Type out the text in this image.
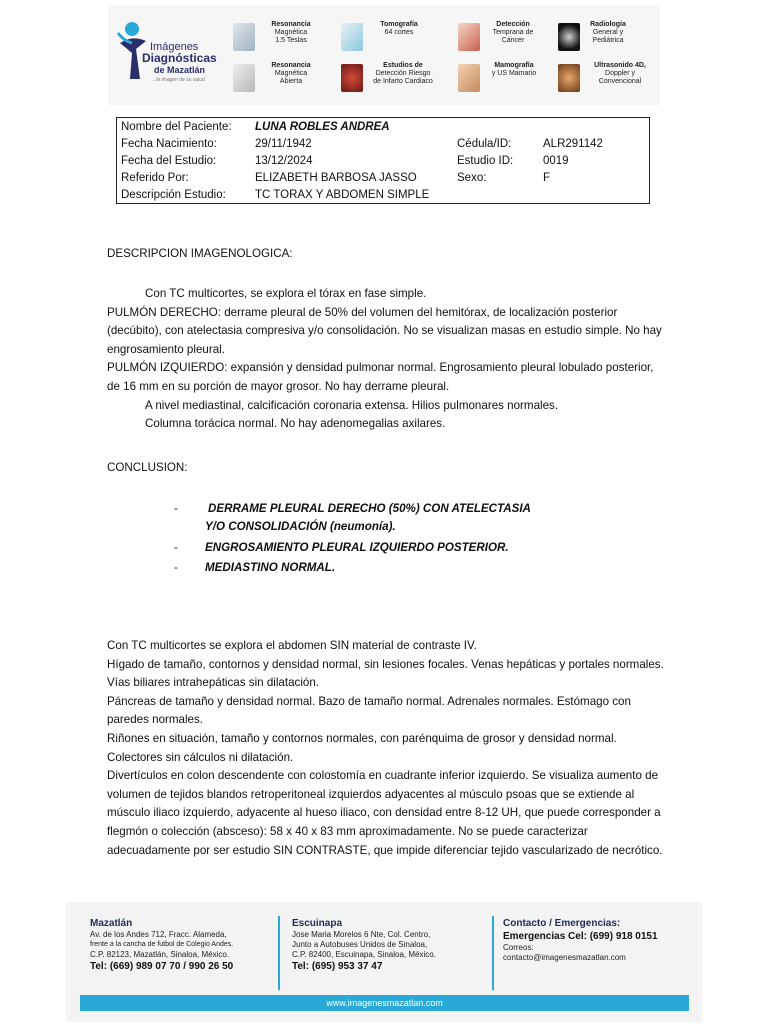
Imágenes
Diagnósticas
de Mazatlán
...la imagen de su salud
Resonancia
Magnética
1.5 Teslas
Tomografía
64 cortes
Detección
Temprana de
Cáncer
Radiología
General y
Pediátrica
Resonancia
Magnética
Abierta
Estudios de
Detección Riesgo
de Infarto Cardiaco
Mamografía
y US Mamario
Ultrasonido 4D,
Doppler y
Convencional
Nombre del Paciente: LUNA ROBLES ANDREA
Fecha Nacimiento:	29/11/1942	Cédula/ID:	ALR291142
Fecha del Estudio:	13/12/2024	Estudio ID:	0019
Referido Por:	ELIZABETH BARBOSA JASSO	Sexo:	F
Descripción Estudio:	TC TORAX Y ABDOMEN SIMPLE
DESCRIPCION IMAGENOLOGICA:

Con TC multicortes, se explora el tórax en fase simple.

PULMÓN DERECHO: derrame pleural de 50% del volumen del hemitórax, de localización posterior (decúbito), con atelectasia compresiva y/o consolidación. No se visualizan masas en estudio simple. No hay engrosamiento pleural.

PULMÓN IZQUIERDO: expansión y densidad pulmonar normal. Engrosamiento pleural lobulado posterior, de 16 mm en su porción de mayor grosor. No hay derrame pleural.

A nivel mediastinal, calcificación coronaria extensa. Hilios pulmonares normales.

Columna torácica normal. No hay adenomegalias axilares.

CONCLUSION:
-	DERRAME PLEURAL DERECHO (50%) CON ATELECTASIA
Y/O CONSOLIDACIÓN (neumonía).
- ENGROSAMIENTO PLEURAL IZQUIERDO POSTERIOR.
- MEDIASTINO NORMAL.

Con TC multicortes se explora el abdomen SIN material de contraste IV.

Hígado de tamaño, contornos y densidad normal, sin lesiones focales. Venas hepáticas y portales normales. Vías biliares intrahepáticas sin dilatación.

Páncreas de tamaño y densidad normal. Bazo de tamaño normal. Adrenales normales. Estómago con paredes normales.

Riñones en situación, tamaño y contornos normales, con parénquima de grosor y densidad normal. Colectores sin cálculos ni dilatación.

Divertículos en colon descendente con colostomía en cuadrante inferior izquierdo. Se visualiza aumento de volumen de tejidos blandos retroperitoneal izquierdos adyacentes al músculo psoas que se extiende al músculo iliaco izquierdo, adyacente al hueso iliaco, con densidad entre 8-12 UH, que puede corresponder a flegmón o colección (absceso): 58 x 40 x 83 mm aproximadamente. No se puede caracterizar adecuadamente por ser estudio SIN CONTRASTE, que impide diferenciar tejido vascularizado de necrótico.

Mazatlán
Av. de los Andes 712, Fracc. Alameda,
frente a la cancha de futbol de Colegio Andes.
C.P. 82123, Mazatlán, Sinaloa, México.
Tel: (669) 989 07 70 / 990 26 50
Escuinapa
Jose Maria Morelos 6 Nte, Col. Centro,
Junto a Autobuses Unidos de Sinaloa,
C.P. 82400, Escuinapa, Sinaloa, México.
Tel: (695) 953 37 47
Contacto / Emergencias:
Emergencias Cel: (699) 918 0151
Correos:
contacto@imagenesmazatlan.com
www.imagenesmazatlan.com
